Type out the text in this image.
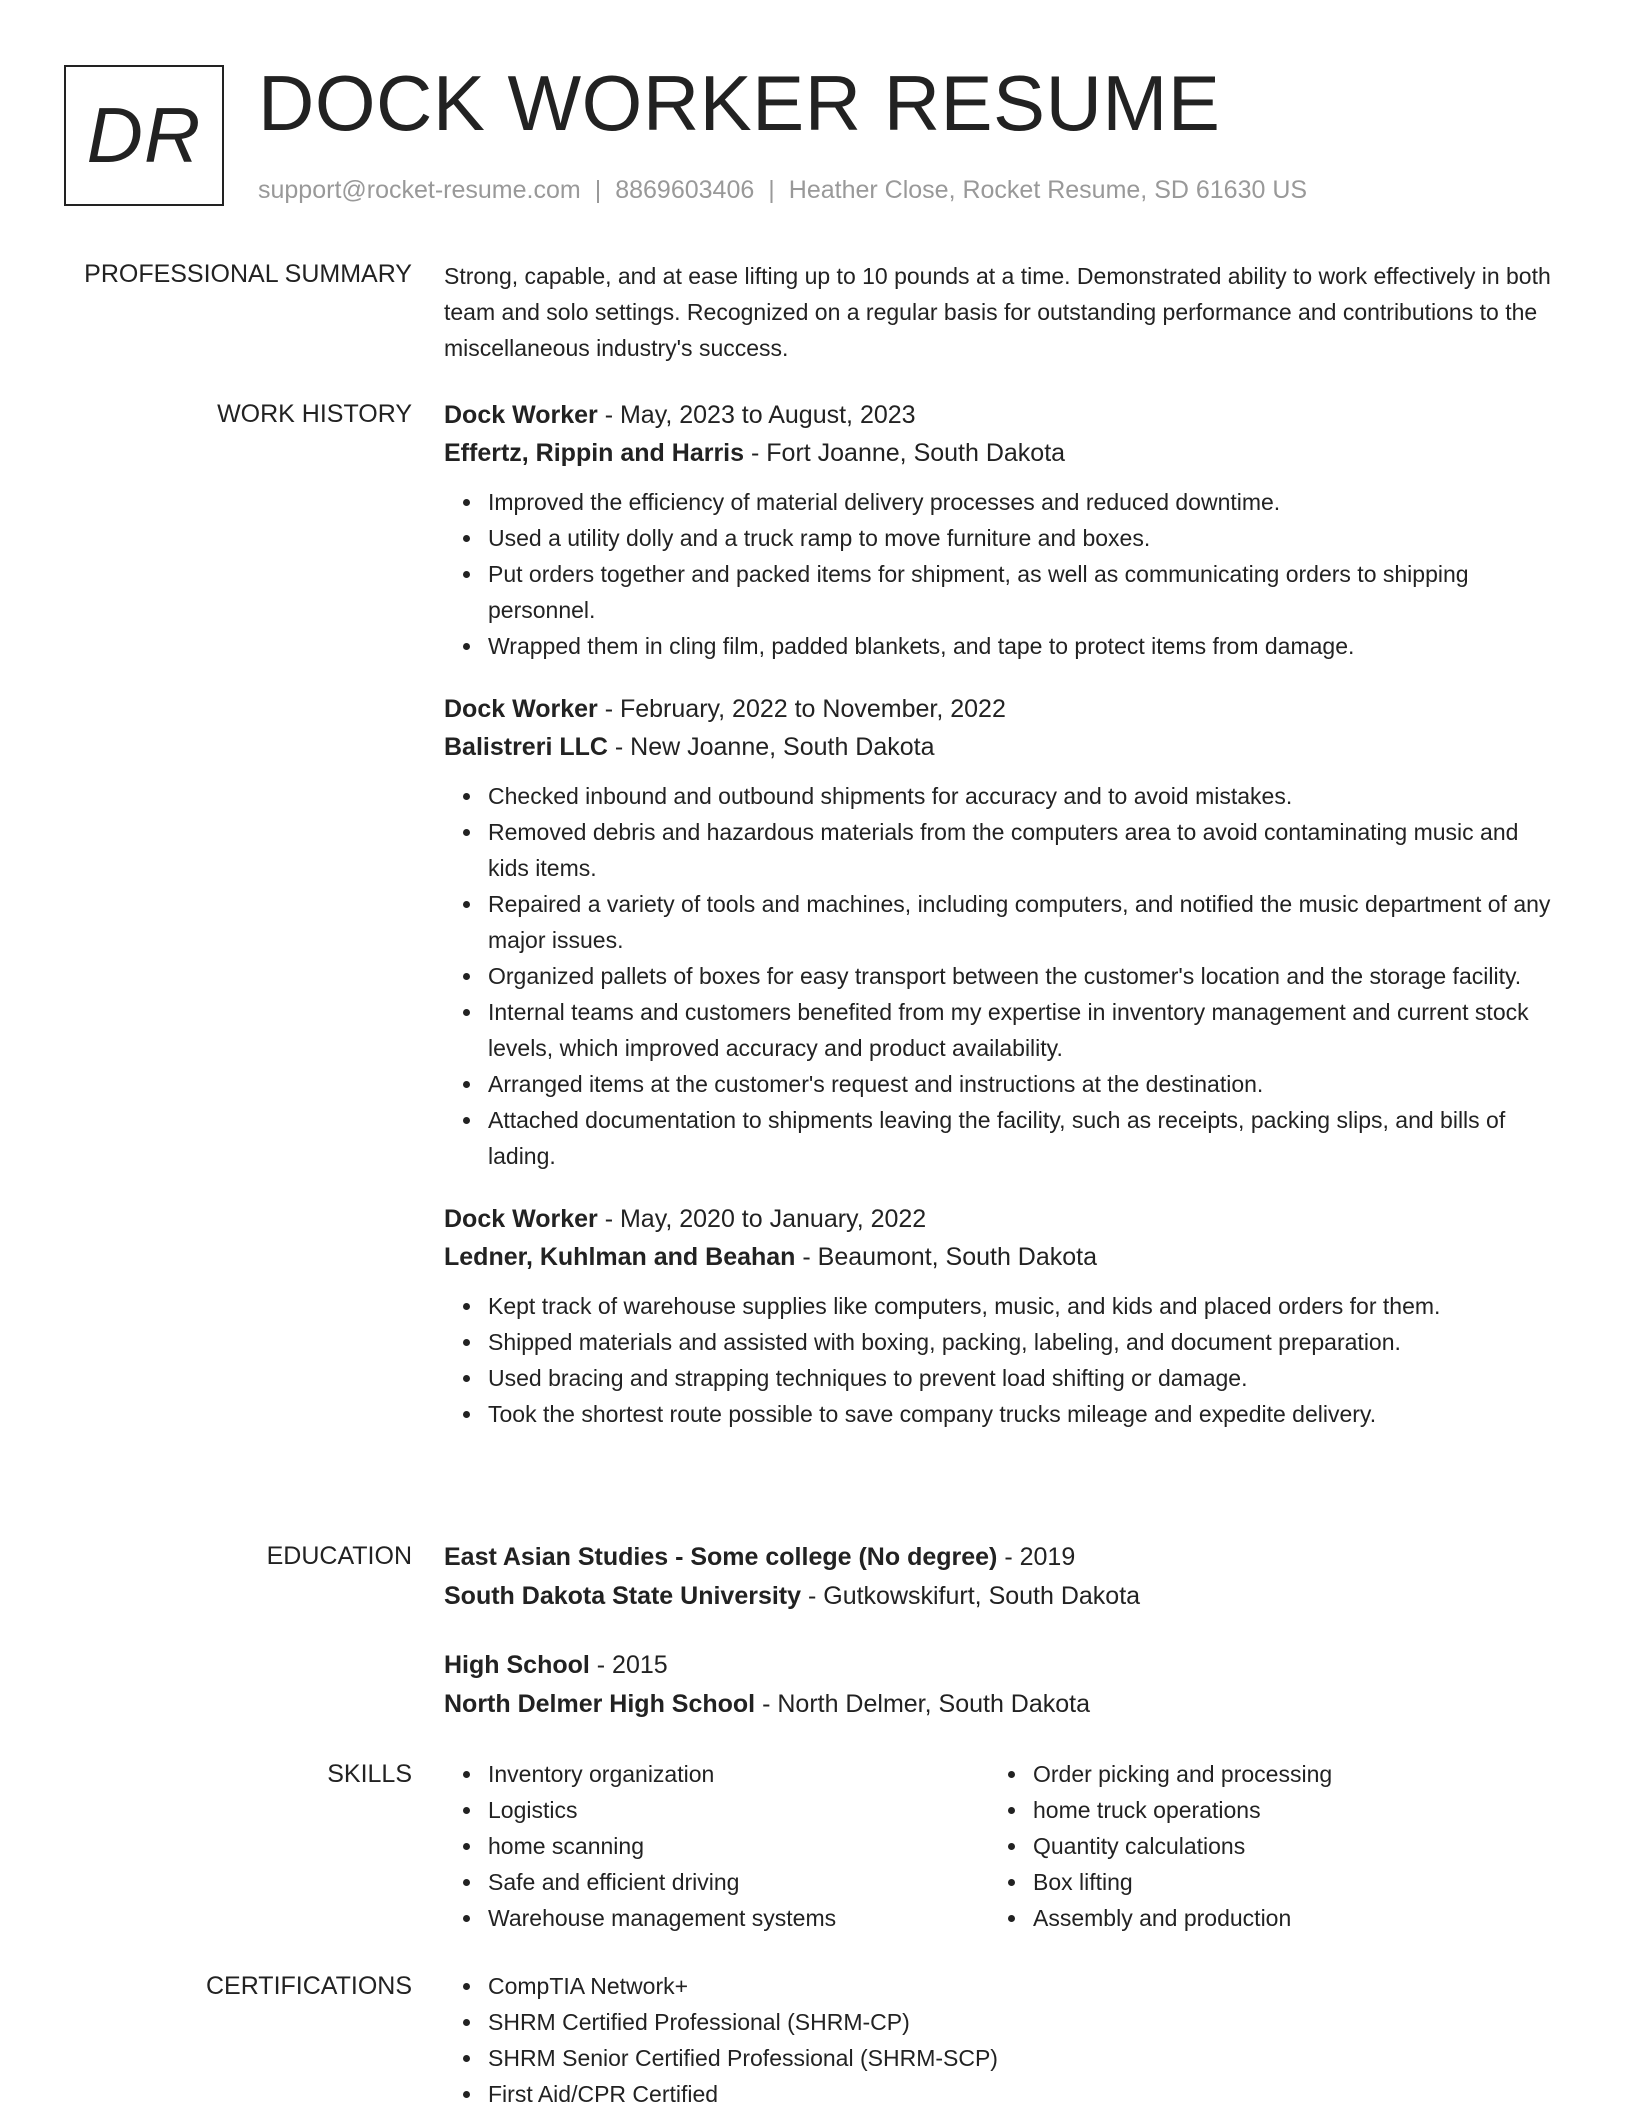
DR DOCK WORKER RESUME
support@rocket-resume.com | 8869603406 | Heather Close, Rocket Resume, SD 61630 US
PROFESSIONAL SUMMARY Strong, capable, and at ease lifting up to 10 pounds at a time. Demonstrated ability to work effectively in both team and solo settings. Recognized on a regular basis for outstanding performance and contributions to the miscellaneous industry's success.

WORK HISTORY Dock Worker - May, 2023 to August, 2023
Effertz, Rippin and Harris - Fort Joanne, South Dakota
Improved the efficiency of material delivery processes and reduced downtime.
Used a utility dolly and a truck ramp to move furniture and boxes.
Put orders together and packed items for shipment, as well as communicating orders to shipping personnel.
Wrapped them in cling film, padded blankets, and tape to protect items from damage.
Dock Worker - February, 2022 to November, 2022
Balistreri LLC - New Joanne, South Dakota
Checked inbound and outbound shipments for accuracy and to avoid mistakes.
Removed debris and hazardous materials from the computers area to avoid contaminating music and kids items.
Repaired a variety of tools and machines, including computers, and notified the music department of any major issues.
Organized pallets of boxes for easy transport between the customer's location and the storage facility.
Internal teams and customers benefited from my expertise in inventory management and current stock levels, which improved accuracy and product availability.
Arranged items at the customer's request and instructions at the destination.
Attached documentation to shipments leaving the facility, such as receipts, packing slips, and bills of lading.
Dock Worker - May, 2020 to January, 2022
Ledner, Kuhlman and Beahan - Beaumont, South Dakota
Kept track of warehouse supplies like computers, music, and kids and placed orders for them.
Shipped materials and assisted with boxing, packing, labeling, and document preparation.
Used bracing and strapping techniques to prevent load shifting or damage.
Took the shortest route possible to save company trucks mileage and expedite delivery.
EDUCATION East Asian Studies - Some college (No degree) - 2019
South Dakota State University - Gutkowskifurt, South Dakota
High School - 2015
North Delmer High School - North Delmer, South Dakota
SKILLS	Inventory organization
Logistics
home scanning
Safe and efficient driving
Warehouse management systems
Order picking and processing
home truck operations
Quantity calculations
Box lifting
Assembly and production
CERTIFICATIONS	CompTIA Network+
SHRM Certified Professional (SHRM-CP)
SHRM Senior Certified Professional (SHRM-SCP)
First Aid/CPR Certified
